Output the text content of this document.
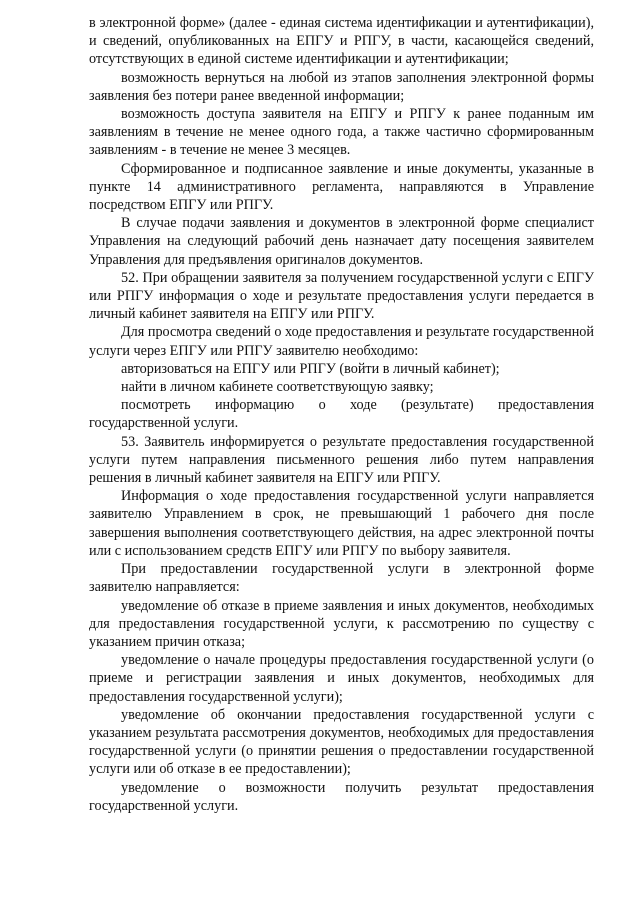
в электронной форме» (далее - единая система идентификации и аутентификации), и сведений, опубликованных на ЕПГУ и РПГУ, в части, касающейся сведений, отсутствующих в единой системе идентификации и аутентификации;

возможность вернуться на любой из этапов заполнения электронной формы заявления без потери ранее введенной информации;

возможность доступа заявителя на ЕПГУ и РПГУ к ранее поданным им заявлениям в течение не менее одного года, а также частично сформированным заявлениям - в течение не менее 3 месяцев.

Сформированное и подписанное заявление и иные документы, указанные в пункте 14 административного регламента, направляются в Управление посредством ЕПГУ или РПГУ.

В случае подачи заявления и документов в электронной форме специалист Управления на следующий рабочий день назначает дату посещения заявителем Управления для предъявления оригиналов документов.

52. При обращении заявителя за получением государственной услуги с ЕПГУ или РПГУ информация о ходе и результате предоставления услуги передается в личный кабинет заявителя на ЕПГУ или РПГУ.

Для просмотра сведений о ходе предоставления и результате государственной услуги через ЕПГУ или РПГУ заявителю необходимо:

авторизоваться на ЕПГУ или РПГУ (войти в личный кабинет);

найти в личном кабинете соответствующую заявку;

посмотреть информацию о ходе (результате) предоставления государственной услуги.

53. Заявитель информируется о результате предоставления государственной услуги путем направления письменного решения либо путем направления решения в личный кабинет заявителя на ЕПГУ или РПГУ.

Информация о ходе предоставления государственной услуги направляется заявителю Управлением в срок, не превышающий 1 рабочего дня после завершения выполнения соответствующего действия, на адрес электронной почты или с использованием средств ЕПГУ или РПГУ по выбору заявителя.

При предоставлении государственной услуги в электронной форме заявителю направляется:

уведомление об отказе в приеме заявления и иных документов, необходимых для предоставления государственной услуги, к рассмотрению по существу с указанием причин отказа;

уведомление о начале процедуры предоставления государственной услуги (о приеме и регистрации заявления и иных документов, необходимых для предоставления государственной услуги);

уведомление об окончании предоставления государственной услуги с указанием результата рассмотрения документов, необходимых для предоставления государственной услуги (о принятии решения о предоставлении государственной услуги или об отказе в ее предоставлении);

уведомление о возможности получить результат предоставления государственной услуги.
